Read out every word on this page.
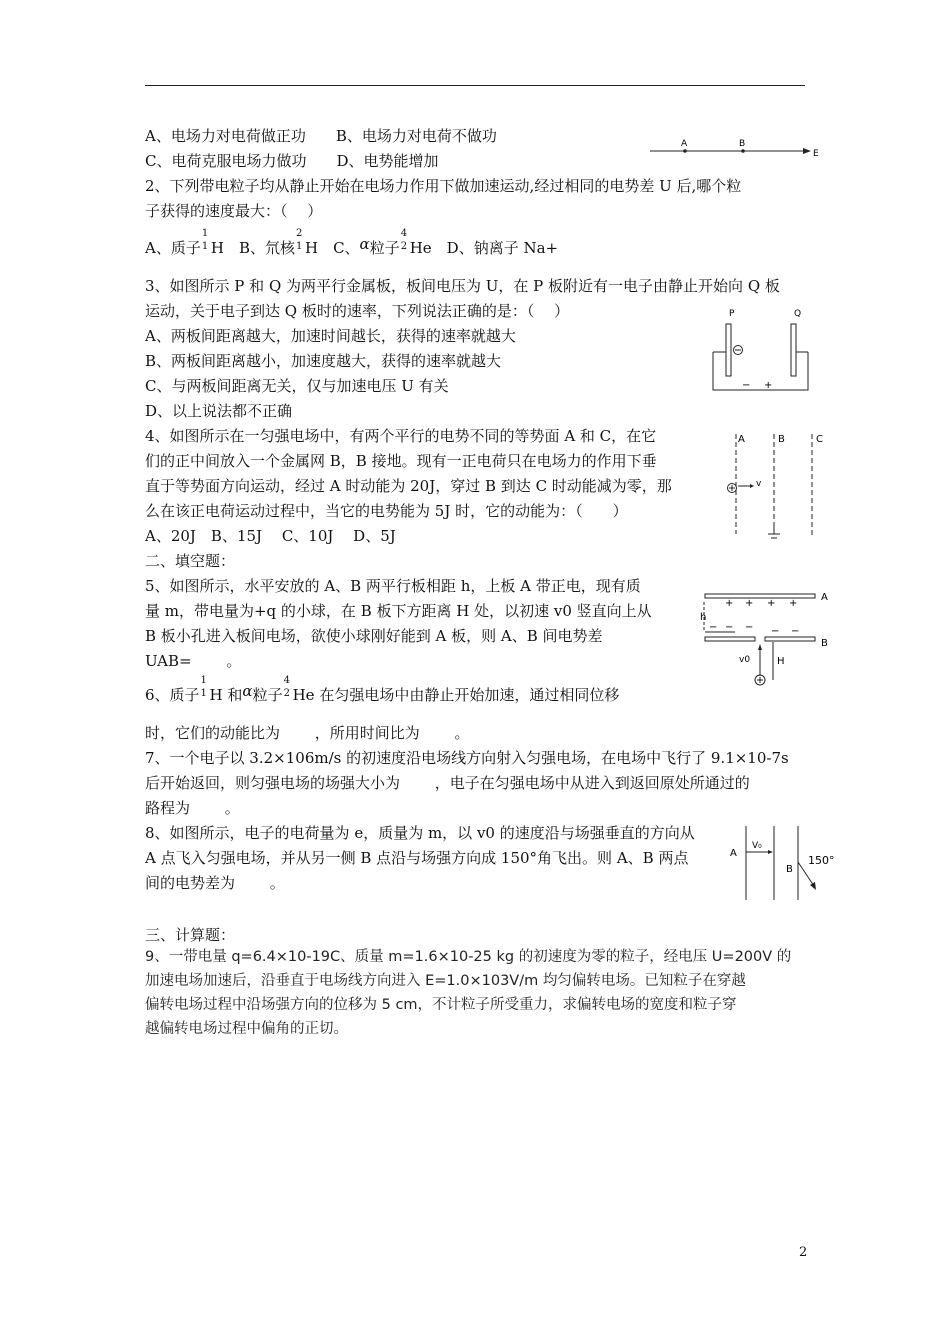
A、电场力对电荷做正功　　B、电场力对电荷不做功
C、电荷克服电场力做功　　D、电势能增加
A	B
E
2、下列带电粒子均从静止开始在电场力作用下做加速运动,经过相同的电势差 U 后,哪个粒
子获得的速度最大：（　 ）
A、质子
1
1 H　B、氘核
2
1 H　C、α粒子
4
2 He　D、钠离子 Na+
3、如图所示 P 和 Q 为两平行金属板，板间电压为 U，在 P 板附近有一电子由静止开始向 Q 板
运动，关于电子到达 Q 板时的速率，下列说法正确的是：（　 ）
A、两板间距离越大，加速时间越长，获得的速率就越大
B、两板间距离越小，加速度越大，获得的速率就越大
C、与两板间距离无关，仅与加速电压 U 有关
D、以上说法都不正确
P	Q
− +
4、如图所示在一匀强电场中，有两个平行的电势不同的等势面 A 和 C，在它
们的正中间放入一个金属网 B，B 接地。现有一正电荷只在电场力的作用下垂
直于等势面方向运动，经过 A 时动能为 20J，穿过 B 到达 C 时动能减为零，那
么在该正电荷运动过程中，当它的电势能为 5J 时，它的动能为：（　　）
A、20J　B、15J　 C、10J　 D、5J
A	B	C
v
二、填空题：
5、如图所示，水平安放的 A、B 两平行板相距 h，上板 A 带正电，现有质
量 m，带电量为+q 的小球，在 B 板下方距离 H 处，以初速 v0 竖直向上从
B 板小孔进入板间电场，欲使小球刚好能到 A 板，则 A、B 间电势差
UAB=　　 。
A
+ + + +
h
− − − − −
B
v0	H
6、质子
1
1 H 和α粒子
4
2 He 在匀强电场中由静止开始加速，通过相同位移
时，它们的动能比为　　 ，所用时间比为　　 。
7、一个电子以 3.2×106m/s 的初速度沿电场线方向射入匀强电场，在电场中飞行了 9.1×10-7s
后开始返回，则匀强电场的场强大小为　　 ，电子在匀强电场中从进入到返回原处所通过的
路程为　　 。
8、如图所示，电子的电荷量为 e，质量为 m，以 v0 的速度沿与场强垂直的方向从
A 点飞入匀强电场，并从另一侧 B 点沿与场强方向成 150°角飞出。则 A、B 两点
间的电势差为　　 。
A
V₀
B
150°
三、计算题：
9、一带电量 q=6.4×10-19C、质量 m=1.6×10-25 kg 的初速度为零的粒子，经电压 U=200V 的
加速电场加速后，沿垂直于电场线方向进入 E=1.0×103V/m 均匀偏转电场。已知粒子在穿越
偏转电场过程中沿场强方向的位移为 5 cm，不计粒子所受重力，求偏转电场的宽度和粒子穿
越偏转电场过程中偏角的正切。
2
